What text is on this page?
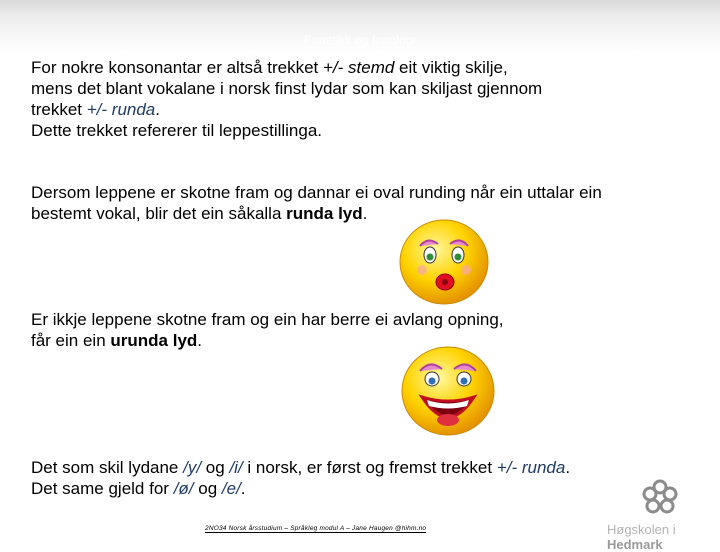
Fonetikk og fonologi
For nokre konsonantar er altså trekket +/- stemd eit viktig skilje,
mens det blant vokalane i norsk finst lydar som kan skiljast gjennom
trekket +/- runda.
Dette trekket refererer til leppestillinga.
Dersom leppene er skotne fram og dannar ei oval runding når ein uttalar ein
bestemt vokal, blir det ein såkalla runda lyd.
Er ikkje leppene skotne fram og ein har berre ei avlang opning,
får ein ein urunda lyd.
Det som skil lydane /y/ og /i/ i norsk, er først og fremst trekket +/- runda.
Det same gjeld for /ø/ og /e/.
2NO34 Norsk årsstudium – Språkleg modul A – Jane Haugen @hihm.no	Høgskolen i Hedmark
